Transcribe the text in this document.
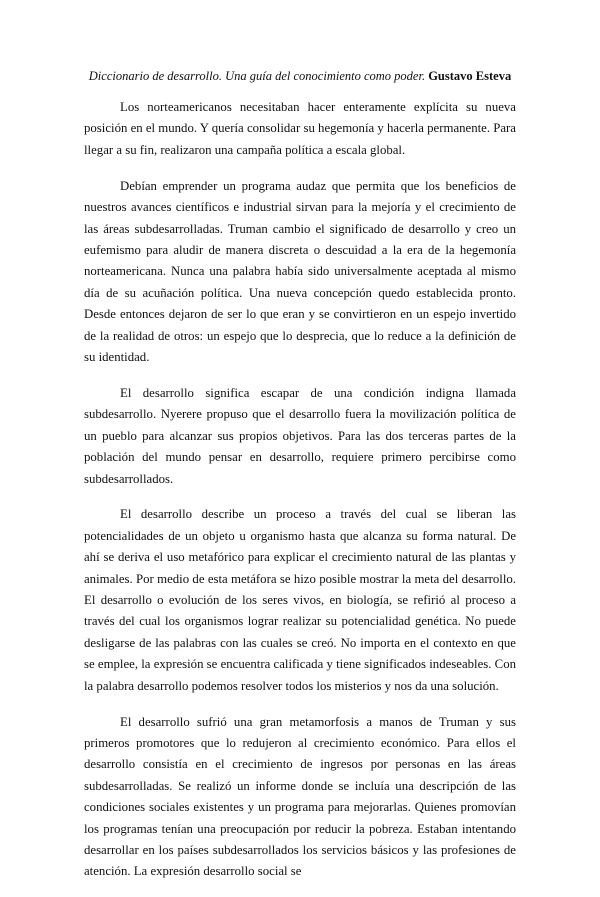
Diccionario de desarrollo. Una guía del conocimiento como poder. Gustavo Esteva

Los norteamericanos necesitaban hacer enteramente explícita su nueva posición en el mundo. Y quería consolidar su hegemonía y hacerla permanente. Para llegar a su fin, realizaron una campaña política a escala global.

Debían emprender un programa audaz que permita que los beneficios de nuestros avances científicos e industrial sirvan para la mejoría y el crecimiento de las áreas subdesarrolladas. Truman cambio el significado de desarrollo y creo un eufemismo para aludir de manera discreta o descuidad a la era de la hegemonía norteamericana. Nunca una palabra había sido universalmente aceptada al mismo día de su acuñación política. Una nueva concepción quedo establecida pronto. Desde entonces dejaron de ser lo que eran y se convirtieron en un espejo invertido de la realidad de otros: un espejo que lo desprecia, que lo reduce a la definición de su identidad.

El desarrollo significa escapar de una condición indigna llamada subdesarrollo. Nyerere propuso que el desarrollo fuera la movilización política de un pueblo para alcanzar sus propios objetivos. Para las dos terceras partes de la población del mundo pensar en desarrollo, requiere primero percibirse como subdesarrollados.

El desarrollo describe un proceso a través del cual se liberan las potencialidades de un objeto u organismo hasta que alcanza su forma natural. De ahí se deriva el uso metafórico para explicar el crecimiento natural de las plantas y animales. Por medio de esta metáfora se hizo posible mostrar la meta del desarrollo. El desarrollo o evolución de los seres vivos, en biología, se refirió al proceso a través del cual los organismos lograr realizar su potencialidad genética. No puede desligarse de las palabras con las cuales se creó. No importa en el contexto en que se emplee, la expresión se encuentra calificada y tiene significados indeseables. Con la palabra desarrollo podemos resolver todos los misterios y nos da una solución.

El desarrollo sufrió una gran metamorfosis a manos de Truman y sus primeros promotores que lo redujeron al crecimiento económico. Para ellos el desarrollo consistía en el crecimiento de ingresos por personas en las áreas subdesarrolladas. Se realizó un informe donde se incluía una descripción de las condiciones sociales existentes y un programa para mejorarlas. Quienes promovían los programas tenían una preocupación por reducir la pobreza. Estaban intentando desarrollar en los países subdesarrollados los servicios básicos y las profesiones de atención. La expresión desarrollo social se
